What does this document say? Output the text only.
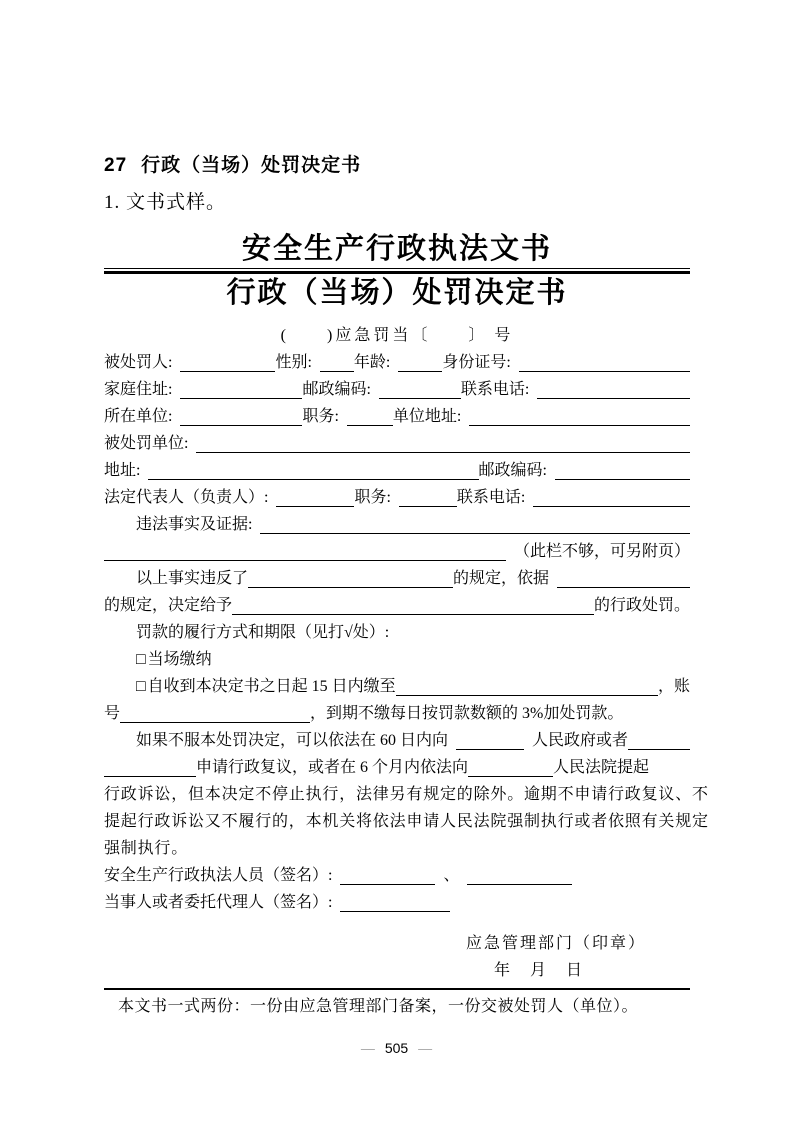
27 行政（当场）处罚决定书
1. 文书式样。
安全生产行政执法文书
行政（当场）处罚决定书
(　　)应急罚当〔　　〕 号
被处罚人:	性别:	年龄:	身份证号:
家庭住址:	邮政编码:	联系电话:
所在单位:	职务:	单位地址:
被处罚单位:
地址:	邮政编码:
法定代表人（负责人）:	职务:	联系电话:
违法事实及证据:
（此栏不够，可另附页）
以上事实违反了	的规定，依据
的规定，决定给予	的行政处罚。
罚款的履行方式和期限（见打√处）:
□ 当场缴纳
□ 自收到本决定书之日起 15 日内缴至	，账
号	，到期不缴每日按罚款数额的 3%加处罚款。
如果不服本处罚决定，可以依法在 60 日内向	人民政府或者
申请行政复议，或者在 6 个月内依法向	人民法院提起
行政诉讼，但本决定不停止执行，法律另有规定的除外。逾期不申请行政复议、不
提起行政诉讼又不履行的，本机关将依法申请人民法院强制执行或者依照有关规定
强制执行。
安全生产行政执法人员（签名）:	、
当事人或者委托代理人（签名）:
应急管理部门（印章）
年　月　日
本文书一式两份：一份由应急管理部门备案，一份交被处罚人（单位）。
— 505 —
